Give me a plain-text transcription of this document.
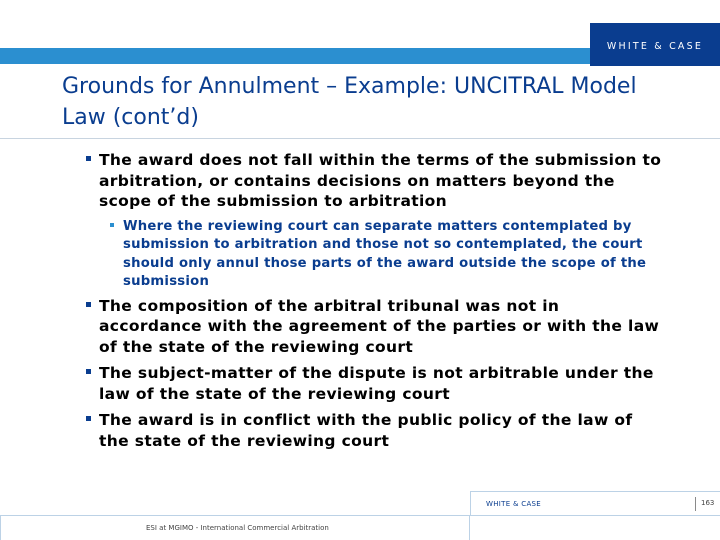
WHITE & CASE
Grounds for Annulment – Example: UNCITRAL Model Law (cont’d)
The award does not fall within the terms of the submission to arbitration, or contains decisions on matters beyond the scope of the submission to arbitration
Where the reviewing court can separate matters contemplated by submission to arbitration and those not so contemplated, the court should only annul those parts of the award outside the scope of the submission
The composition of the arbitral tribunal was not in accordance with the agreement of the parties or with the law of the state of the reviewing court
The subject-matter of the dispute is not arbitrable under the law of the state of the reviewing court
The award is in conflict with the public policy of the law of the state of the reviewing court
WHITE & CASE	163
ESI at MGIMO - International Commercial Arbitration
